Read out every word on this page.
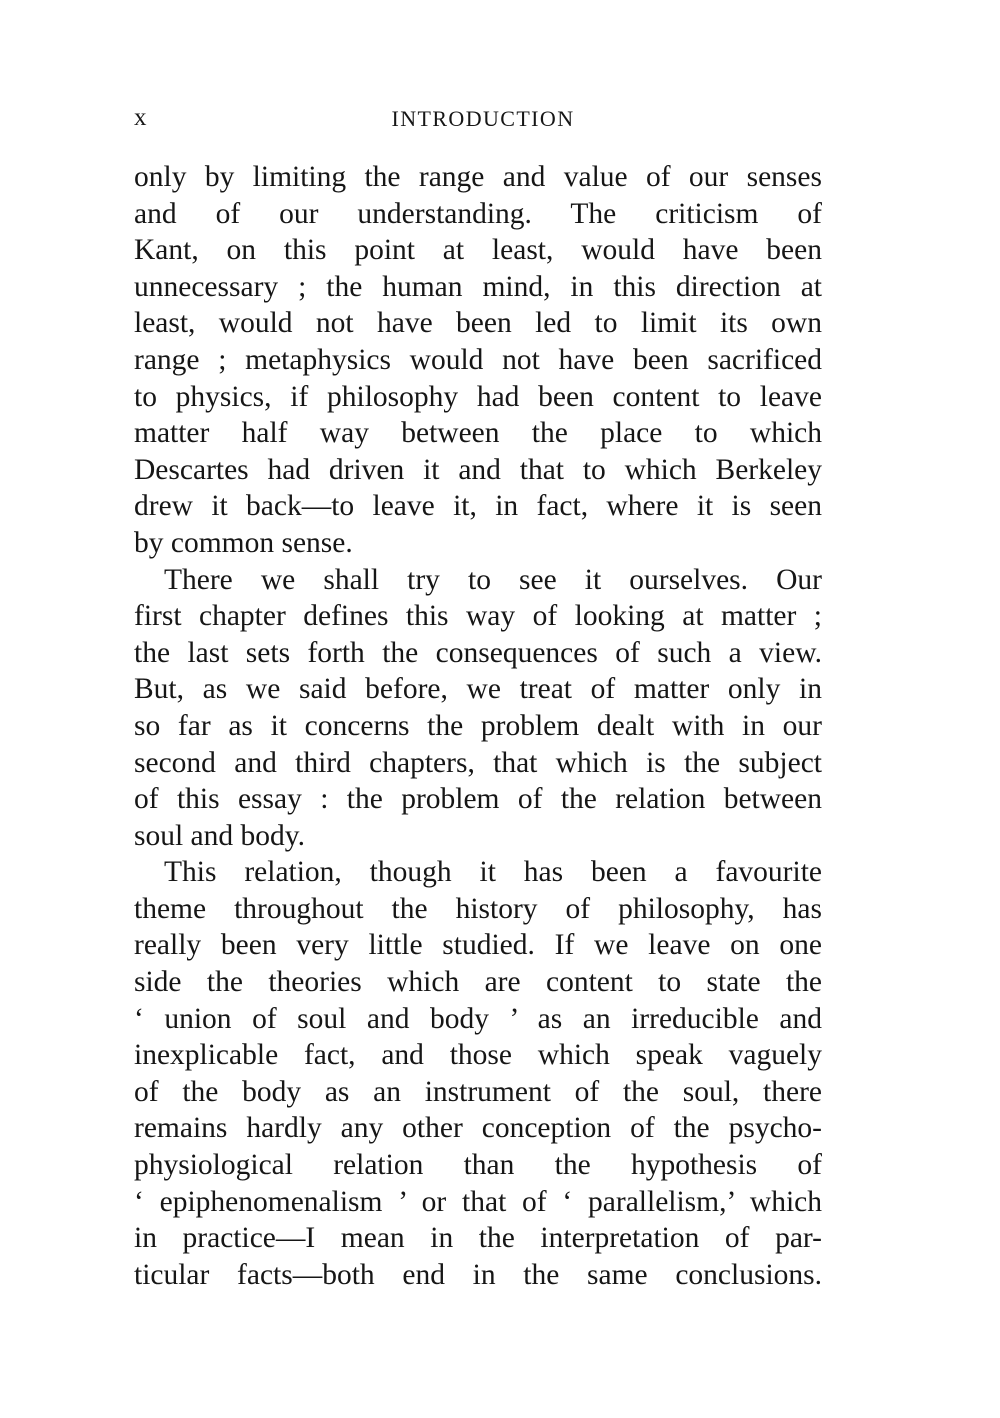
x	INTRODUCTION
only by limiting the range and value of our senses
and of our understanding. The criticism of
Kant, on this point at least, would have been
unnecessary ; the human mind, in this direction at
least, would not have been led to limit its own
range ; metaphysics would not have been sacrificed
to physics, if philosophy had been content to leave
matter half way between the place to which
Descartes had driven it and that to which Berkeley
drew it back—to leave it, in fact, where it is seen
by common sense.
There we shall try to see it ourselves. Our
first chapter defines this way of looking at matter ;
the last sets forth the consequences of such a view.
But, as we said before, we treat of matter only in
so far as it concerns the problem dealt with in our
second and third chapters, that which is the subject
of this essay : the problem of the relation between
soul and body.
This relation, though it has been a favourite
theme throughout the history of philosophy, has
really been very little studied. If we leave on one
side the theories which are content to state the
‘ union of soul and body ’ as an irreducible and
inexplicable fact, and those which speak vaguely
of the body as an instrument of the soul, there
remains hardly any other conception of the psycho-
physiological relation than the hypothesis of
‘ epiphenomenalism ’ or that of ‘ parallelism,’ which
in practice—I mean in the interpretation of par-
ticular facts—both end in the same conclusions.
